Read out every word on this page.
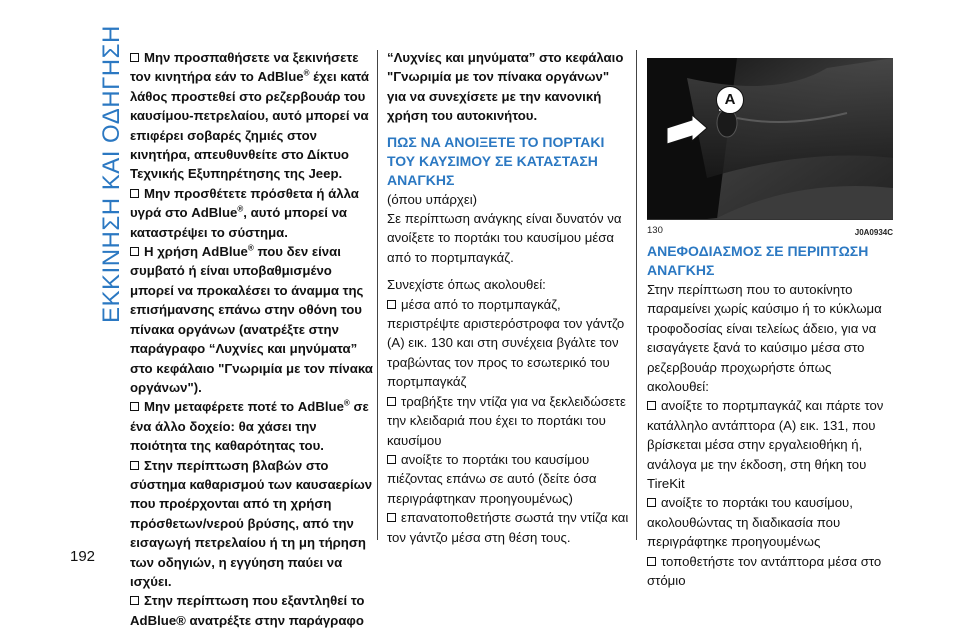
ΕΚΚΙΝΗΣΗ ΚΑΙ ΟΔΗΓΗΣΗ
192

Μην προσπαθήσετε να ξεκινήσετε τον κινητήρα εάν το AdBlue® έχει κατά λάθος προστεθεί στο ρεζερβουάρ του καυσίμου-πετρελαίου, αυτό μπορεί να επιφέρει σοβαρές ζημιές στον κινητήρα, απευθυνθείτε στο Δίκτυο Τεχνικής Εξυπηρέτησης της Jeep.

Μην προσθέτετε πρόσθετα ή άλλα υγρά στο AdBlue®, αυτό μπορεί να καταστρέψει το σύστημα.

Η χρήση AdBlue® που δεν είναι συμβατό ή είναι υποβαθμισμένο μπορεί να προκαλέσει το άναμμα της επισήμανσης επάνω στην οθόνη του πίνακα οργάνων (ανατρέξτε στην παράγραφο “Λυχνίες και μηνύματα” στο κεφάλαιο "Γνωριμία με τον πίνακα οργάνων").

Μην μεταφέρετε ποτέ το AdBlue® σε ένα άλλο δοχείο: θα χάσει την ποιότητα της καθαρότητας του.

Στην περίπτωση βλαβών στο σύστημα καθαρισμού των καυσαερίων που προέρχονται από τη χρήση πρόσθετων/νερού βρύσης, από την εισαγωγή πετρελαίου ή τη μη τήρηση των οδηγιών, η εγγύηση παύει να ισχύει.

Στην περίπτωση που εξαντληθεί το AdBlue® ανατρέξτε στην παράγραφο

“Λυχνίες και μηνύματα” στο κεφάλαιο "Γνωριμία με τον πίνακα οργάνων" για να συνεχίσετε με την κανονική χρήση του αυτοκινήτου.

ΠΩΣ ΝΑ ΑΝΟΙΞΕΤΕ ΤΟ ΠΟΡΤΑΚΙ ΤΟΥ ΚΑΥΣΙΜΟΥ ΣΕ ΚΑΤΑΣΤΑΣΗ ΑΝΑΓΚΗΣ

(όπου υπάρχει)

Σε περίπτωση ανάγκης είναι δυνατόν να ανοίξετε το πορτάκι του καυσίμου μέσα από το πορτμπαγκάζ.

Συνεχίστε όπως ακολουθεί:

μέσα από το πορτμπαγκάζ, περιστρέψτε αριστερόστροφα τον γάντζο (A) εικ. 130 και στη συνέχεια βγάλτε τον τραβώντας τον προς το εσωτερικό του πορτμπαγκάζ

τραβήξτε την ντίζα για να ξεκλειδώσετε την κλειδαριά που έχει το πορτάκι του καυσίμου

ανοίξτε το πορτάκι του καυσίμου πιέζοντας επάνω σε αυτό (δείτε όσα περιγράφτηκαν προηγουμένως)

επανατοποθετήστε σωστά την ντίζα και τον γάντζο μέσα στη θέση τους.

A
130	J0A0934C

ΑΝΕΦΟΔΙΑΣΜΟΣ ΣΕ ΠΕΡΙΠΤΩΣΗ ΑΝΑΓΚΗΣ

Στην περίπτωση που το αυτοκίνητο παραμείνει χωρίς καύσιμο ή το κύκλωμα τροφοδοσίας είναι τελείως άδειο, για να εισαγάγετε ξανά το καύσιμο μέσα στο ρεζερβουάρ προχωρήστε όπως ακολουθεί:

ανοίξτε το πορτμπαγκάζ και πάρτε τον κατάλληλο αντάπτορα (A) εικ. 131, που βρίσκεται μέσα στην εργαλειοθήκη ή, ανάλογα με την έκδοση, στη θήκη του TireKit

ανοίξτε το πορτάκι του καυσίμου, ακολουθώντας τη διαδικασία που περιγράφτηκε προηγουμένως

τοποθετήστε τον αντάπτορα μέσα στο στόμιο
